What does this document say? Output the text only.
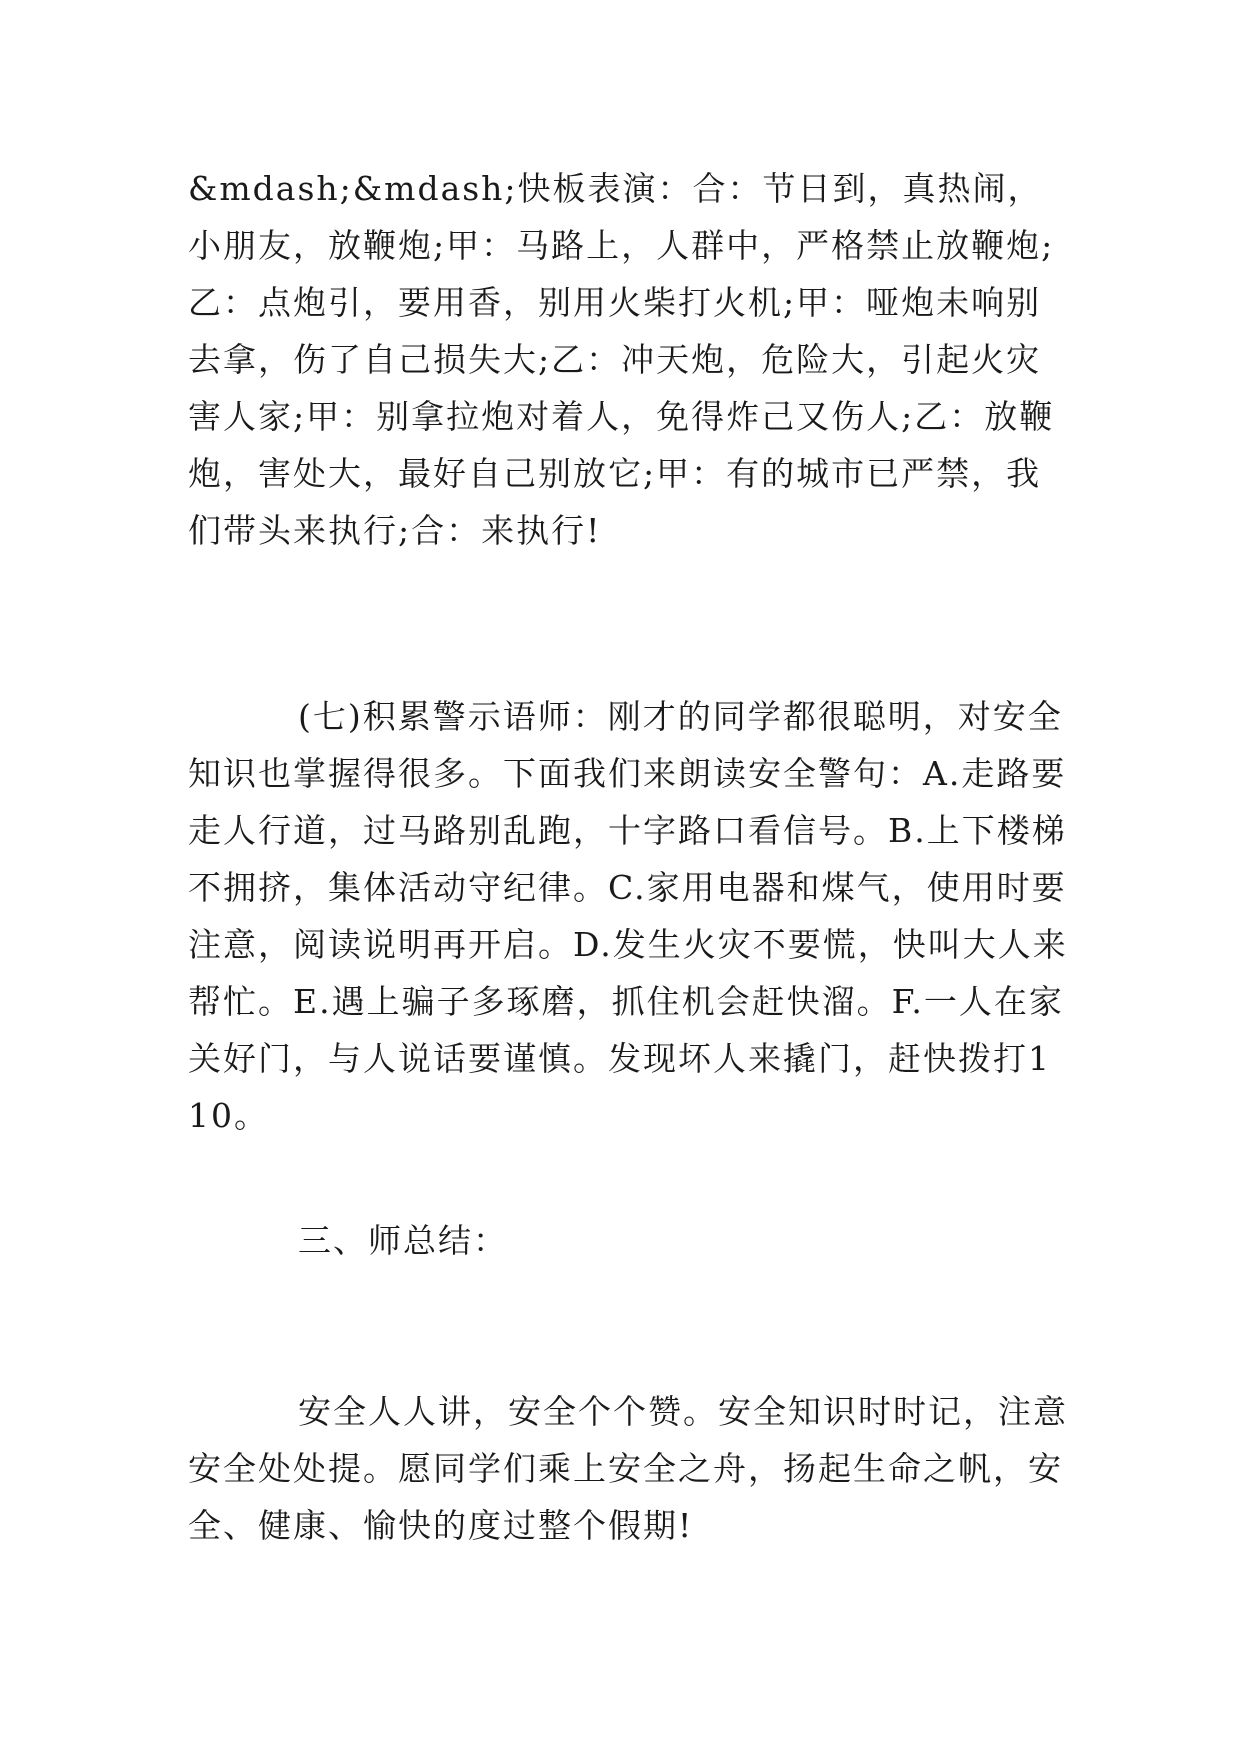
&mdash;&mdash;快板表演：合：节日到，真热闹，小朋友，放鞭炮;甲：马路上，人群中，严格禁止放鞭炮;乙：点炮引，要用香，别用火柴打火机;甲：哑炮未响别去拿，伤了自己损失大;乙：冲天炮，危险大，引起火灾害人家;甲：别拿拉炮对着人，免得炸己又伤人;乙：放鞭炮，害处大，最好自己别放它;甲：有的城市已严禁，我们带头来执行;合：来执行!

(七)积累警示语师：刚才的同学都很聪明，对安全知识也掌握得很多。下面我们来朗读安全警句：A.走路要走人行道，过马路别乱跑，十字路口看信号。B.上下楼梯不拥挤，集体活动守纪律。C.家用电器和煤气，使用时要注意，阅读说明再开启。D.发生火灾不要慌，快叫大人来帮忙。E.遇上骗子多琢磨，抓住机会赶快溜。F.一人在家关好门，与人说话要谨慎。发现坏人来撬门，赶快拨打110。

三、师总结：

安全人人讲，安全个个赞。安全知识时时记，注意安全处处提。愿同学们乘上安全之舟，扬起生命之帆，安全、健康、愉快的度过整个假期!
